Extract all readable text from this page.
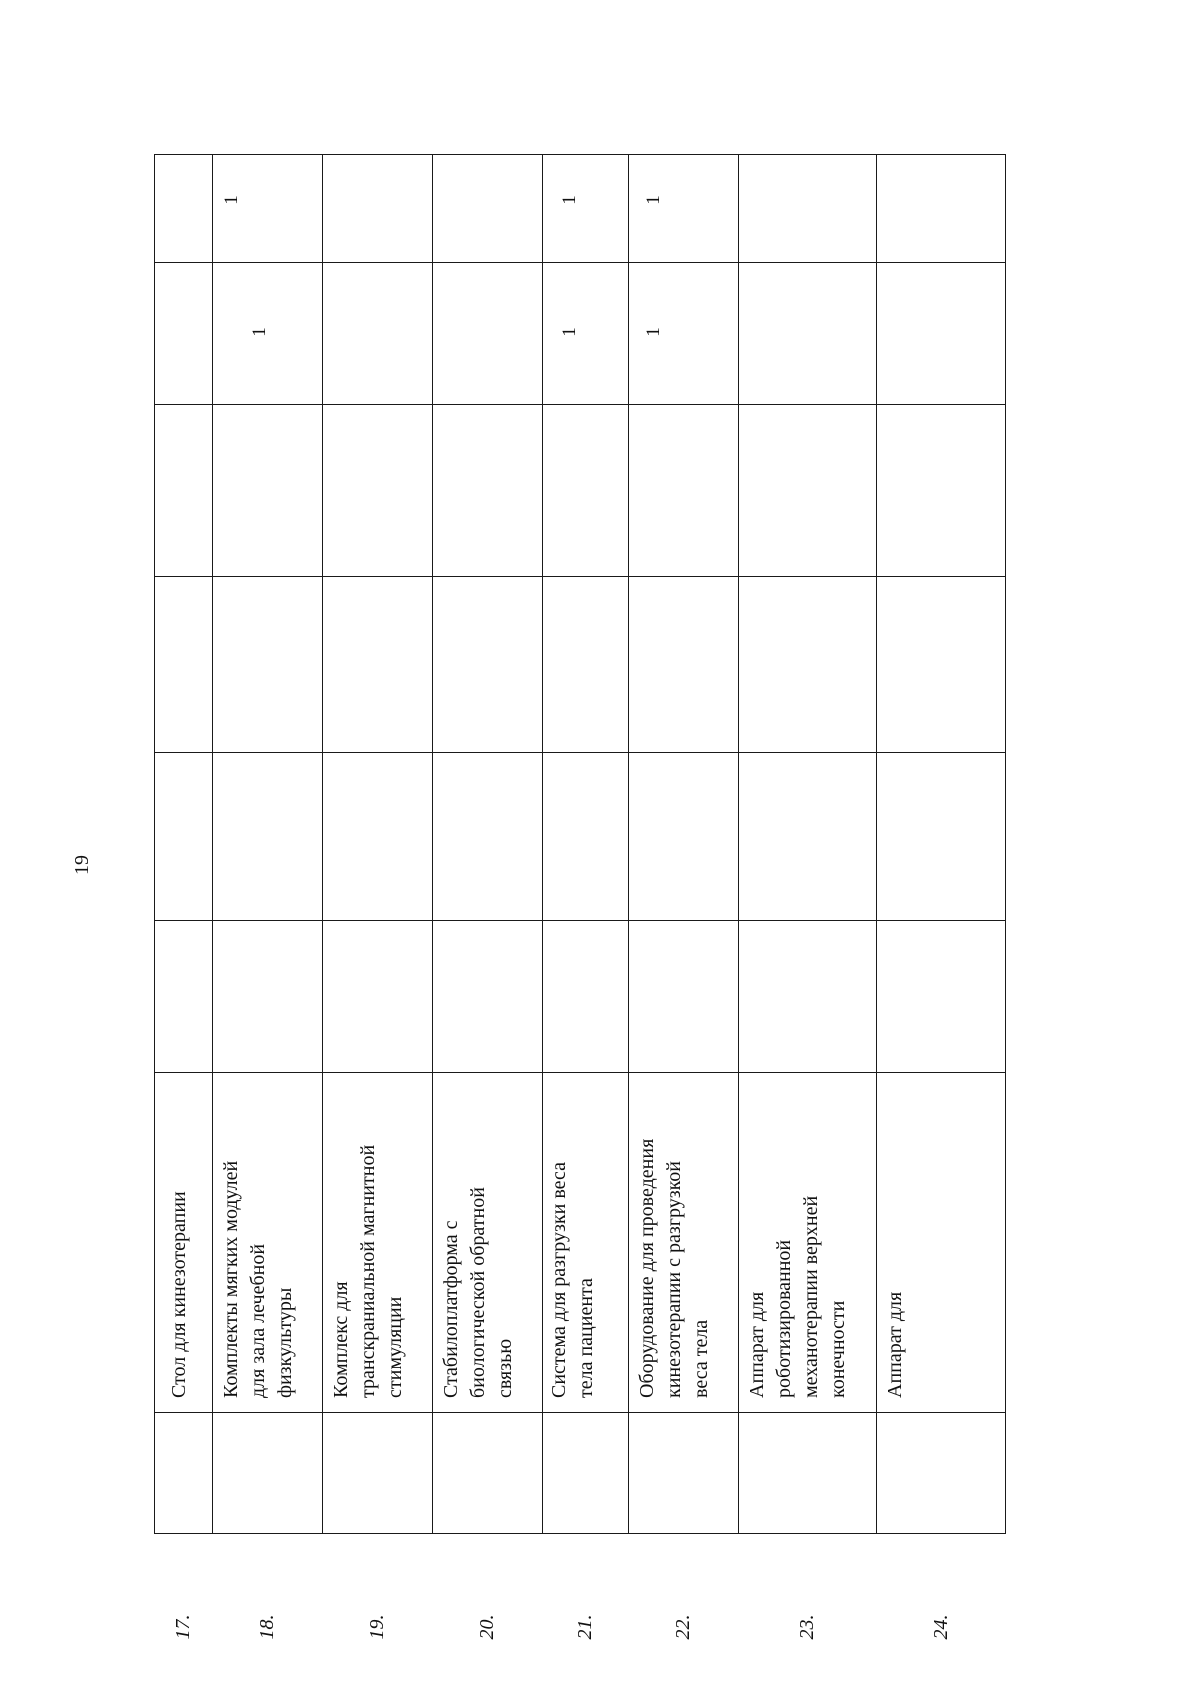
19
17.
Стол для кинезотерапии
18.
Комплекты мягких модулей для зала лечебной физкультуры
1
1
19.
Комплекс для транскраниальной магнитной стимуляции
20.
Стабилоплатформа с биологической обратной связью
21.
Система для разгрузки веса тела пациента
1
1
22.
Оборудование для проведения кинезотерапии с разгрузкой веса тела
1
1
23.
Аппарат для роботизированной механотерапии верхней конечности
24.
Аппарат для
